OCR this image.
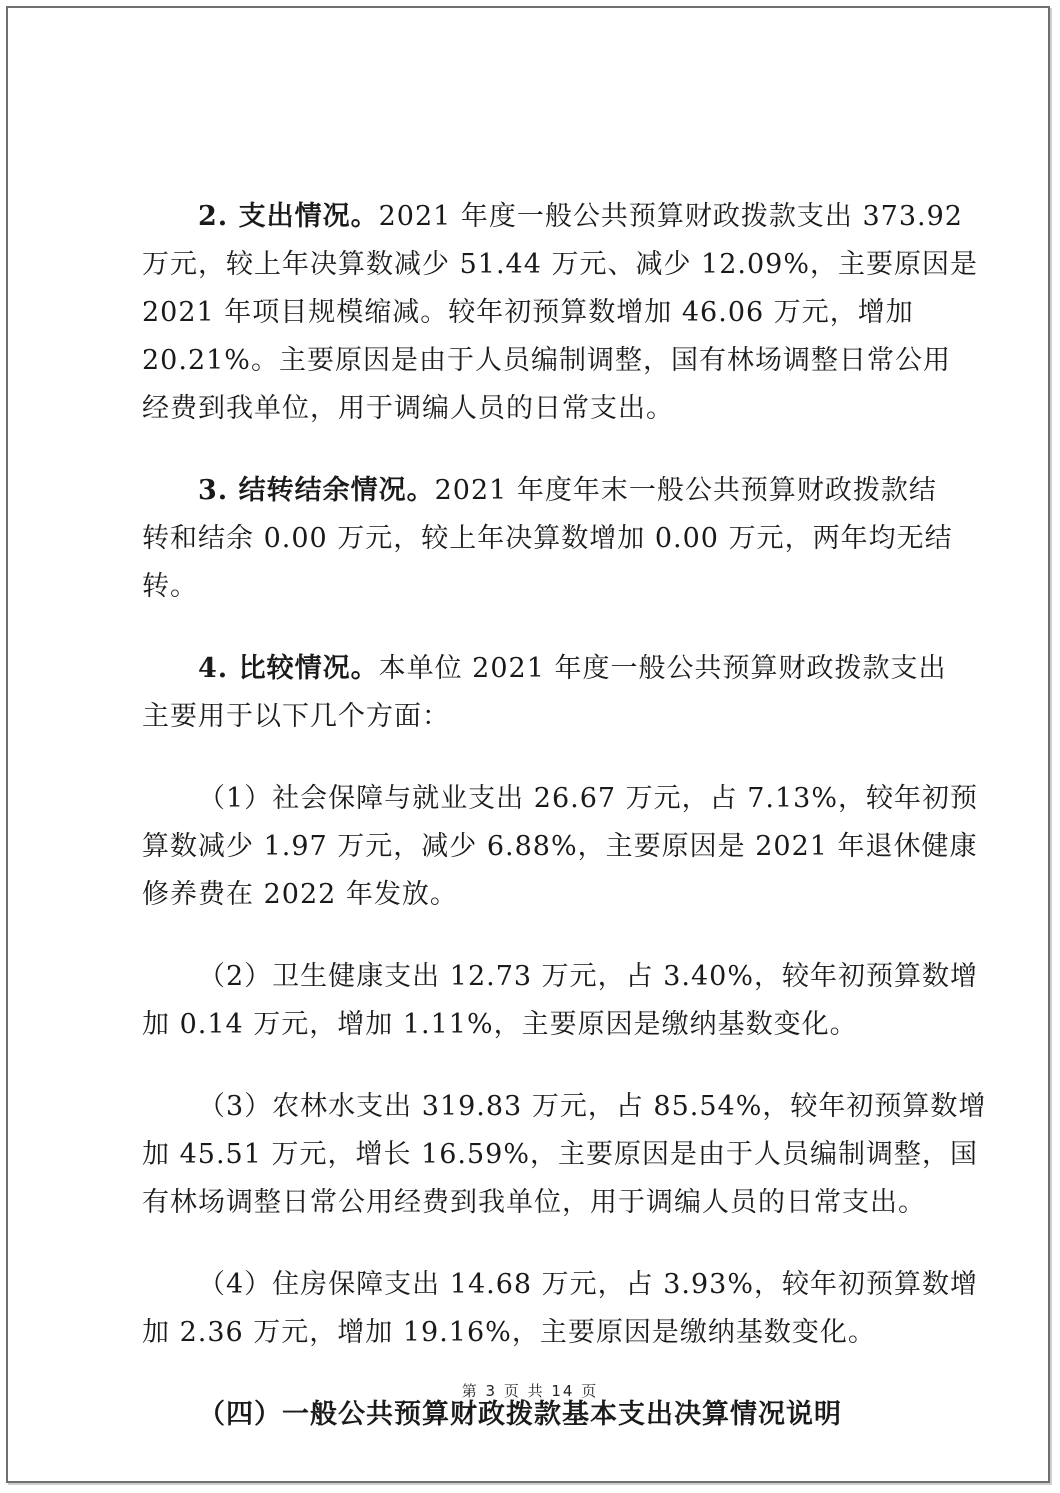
2. 支出情况。2021 年度一般公共预算财政拨款支出 373.92
万元，较上年决算数减少 51.44 万元、减少 12.09%，主要原因是
2021 年项目规模缩减。较年初预算数增加 46.06 万元，增加
20.21%。主要原因是由于人员编制调整，国有林场调整日常公用
经费到我单位，用于调编人员的日常支出。
3. 结转结余情况。2021 年度年末一般公共预算财政拨款结
转和结余 0.00 万元，较上年决算数增加 0.00 万元，两年均无结
转。
4. 比较情况。本单位 2021 年度一般公共预算财政拨款支出
主要用于以下几个方面：
（1）社会保障与就业支出 26.67 万元，占 7.13%，较年初预
算数减少 1.97 万元，减少 6.88%，主要原因是 2021 年退休健康
修养费在 2022 年发放。
（2）卫生健康支出 12.73 万元，占 3.40%，较年初预算数增
加 0.14 万元，增加 1.11%，主要原因是缴纳基数变化。
（3）农林水支出 319.83 万元，占 85.54%，较年初预算数增
加 45.51 万元，增长 16.59%，主要原因是由于人员编制调整，国
有林场调整日常公用经费到我单位，用于调编人员的日常支出。
（4）住房保障支出 14.68 万元，占 3.93%，较年初预算数增
加 2.36 万元，增加 19.16%，主要原因是缴纳基数变化。
（四）一般公共预算财政拨款基本支出决算情况说明
第 3 页 共 14 页
